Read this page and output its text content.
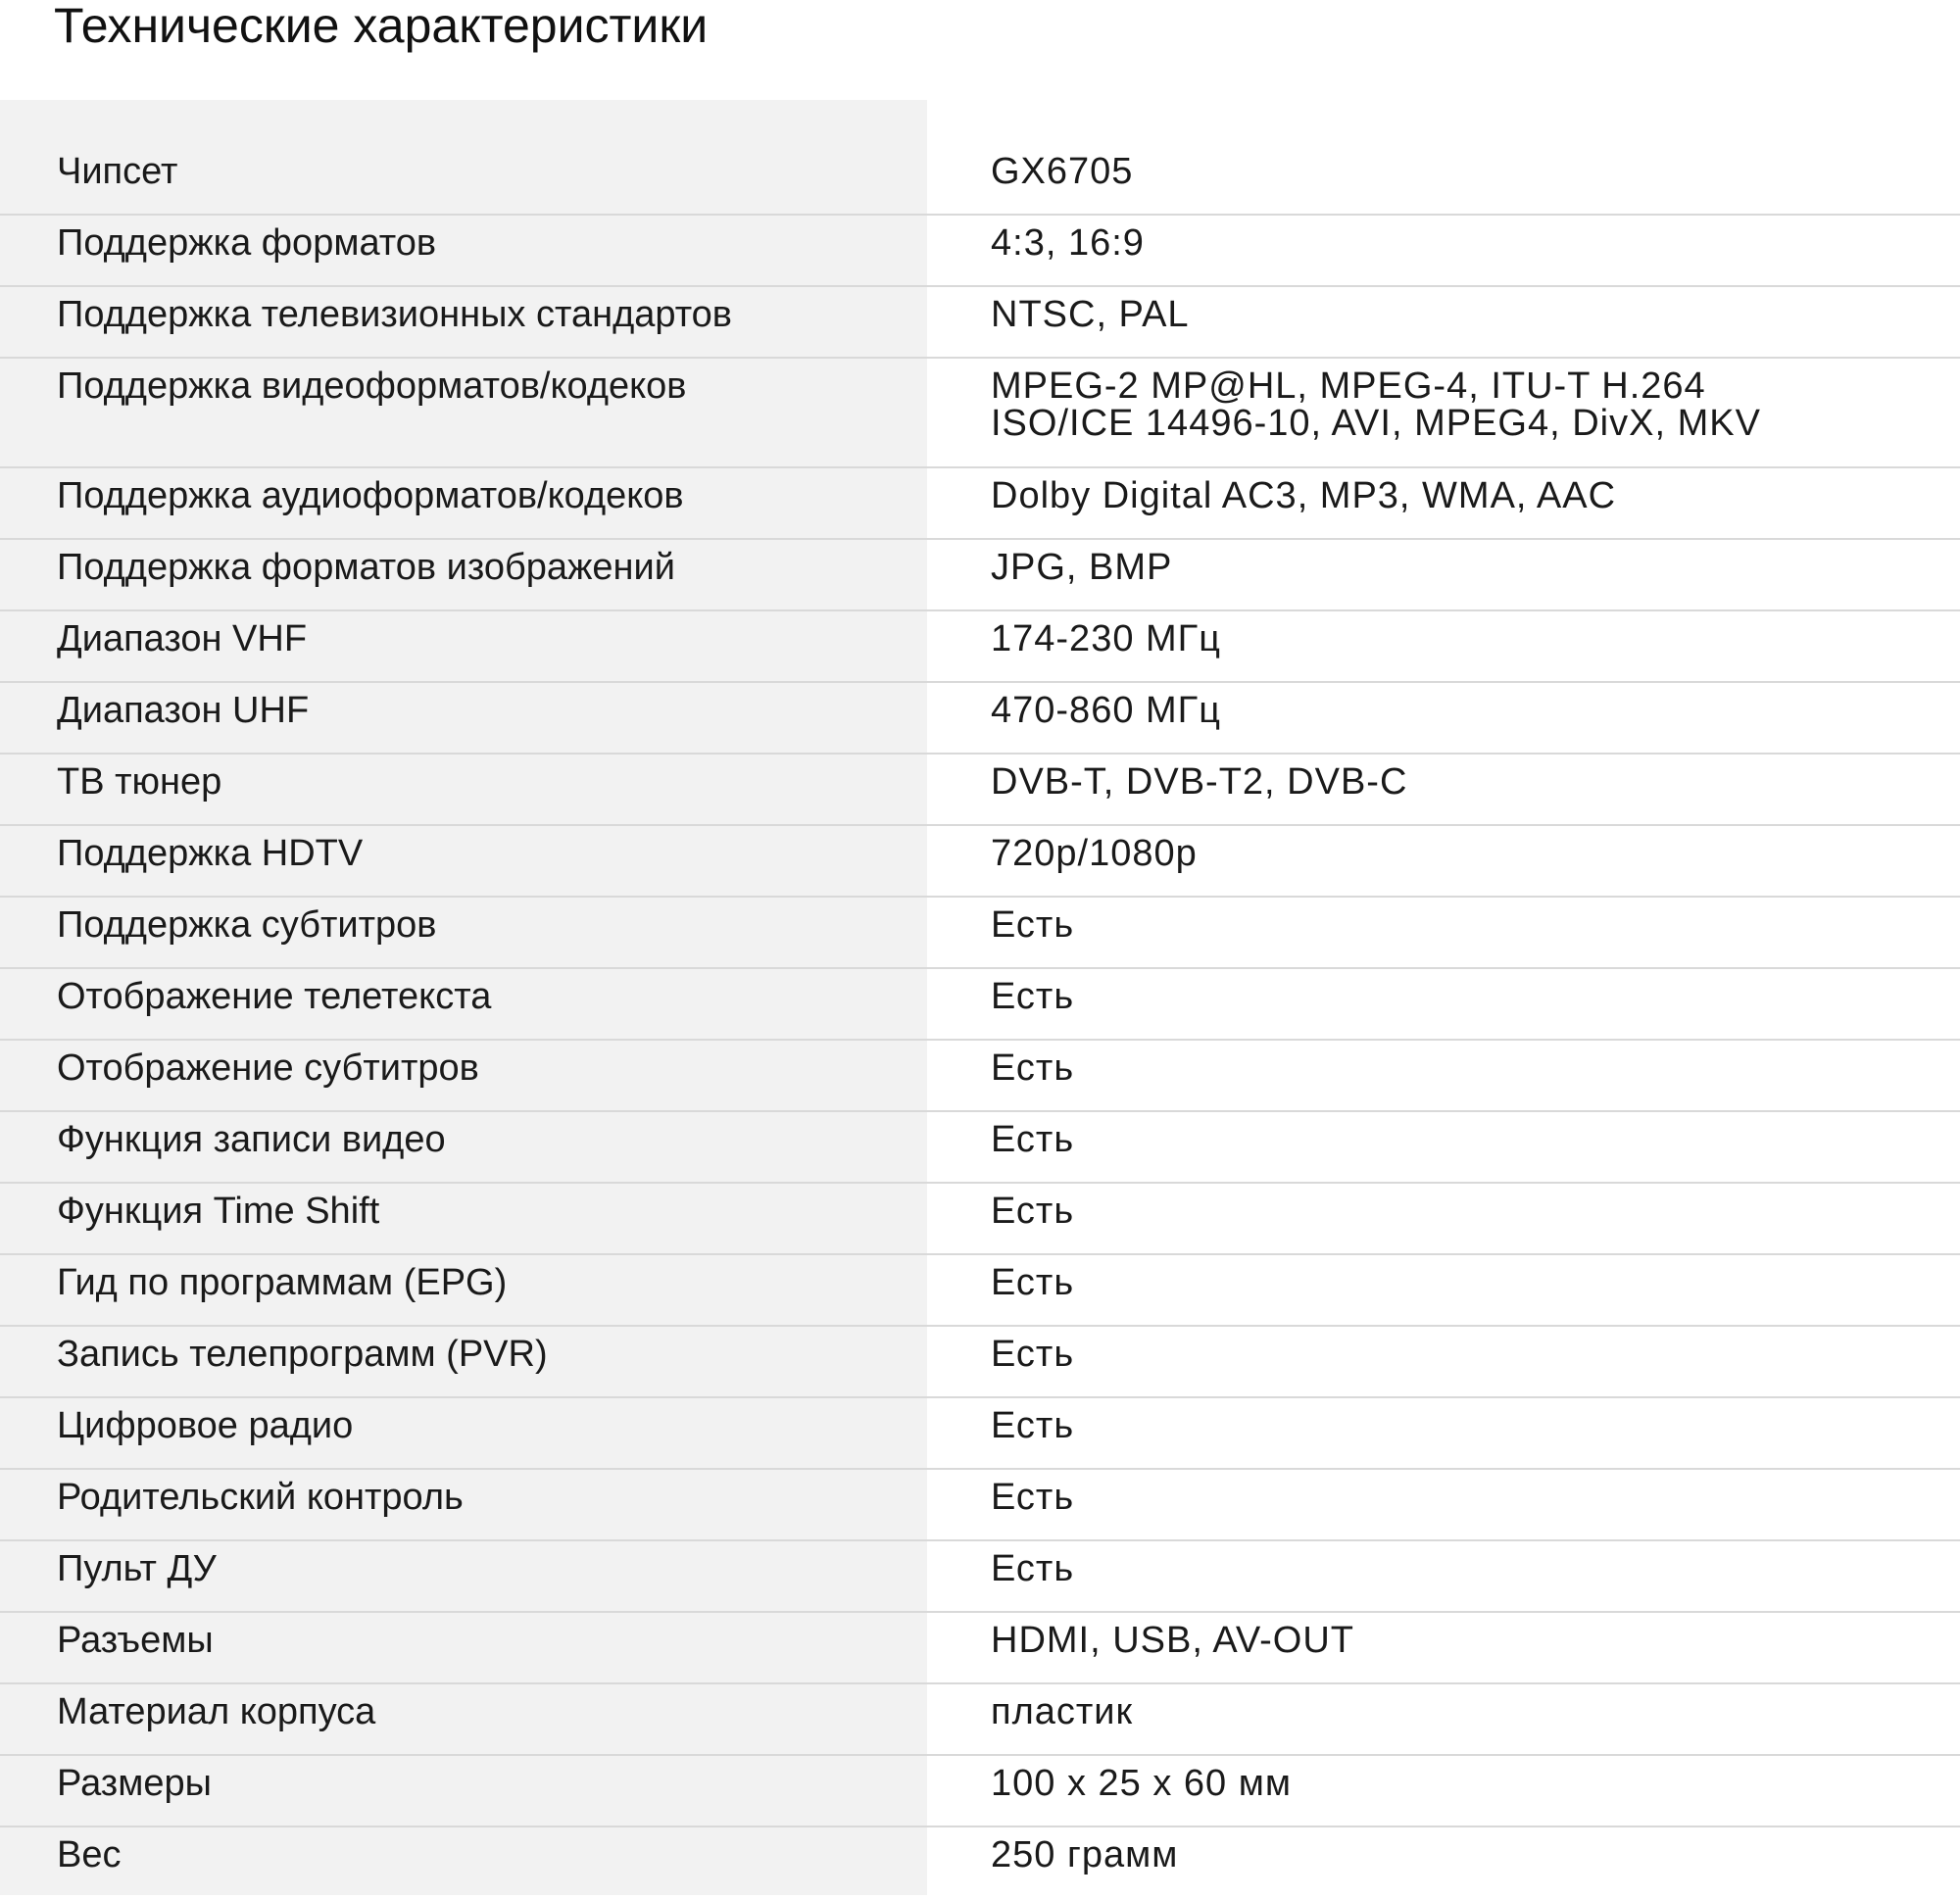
Технические характеристики
Чипсет	GX6705
Поддержка форматов	4:3, 16:9
Поддержка телевизионных стандартов	NTSC, PAL
Поддержка видеоформатов/кодеков	MPEG-2 MP@HL, MPEG-4, ITU-T H.264
ISO/ICE 14496-10, AVI, MPEG4, DivX, MKV
Поддержка аудиоформатов/кодеков	Dolby Digital AC3, MP3, WMA, AAC
Поддержка форматов изображений	JPG, BMP
Диапазон VHF	174-230 МГц
Диапазон UHF	470-860 МГц
ТВ тюнер	DVB-T, DVB-T2, DVB-C
Поддержка HDTV	720p/1080p
Поддержка субтитров	Есть
Отображение телетекста	Есть
Отображение субтитров	Есть
Функция записи видео	Есть
Функция Time Shift	Есть
Гид по программам (EPG)	Есть
Запись телепрограмм (PVR)	Есть
Цифровое радио	Есть
Родительский контроль	Есть
Пульт ДУ	Есть
Разъемы	HDMI, USB, AV-OUT
Материал корпуса	пластик
Размеры	100 х 25 х 60 мм
Вес	250 грамм
